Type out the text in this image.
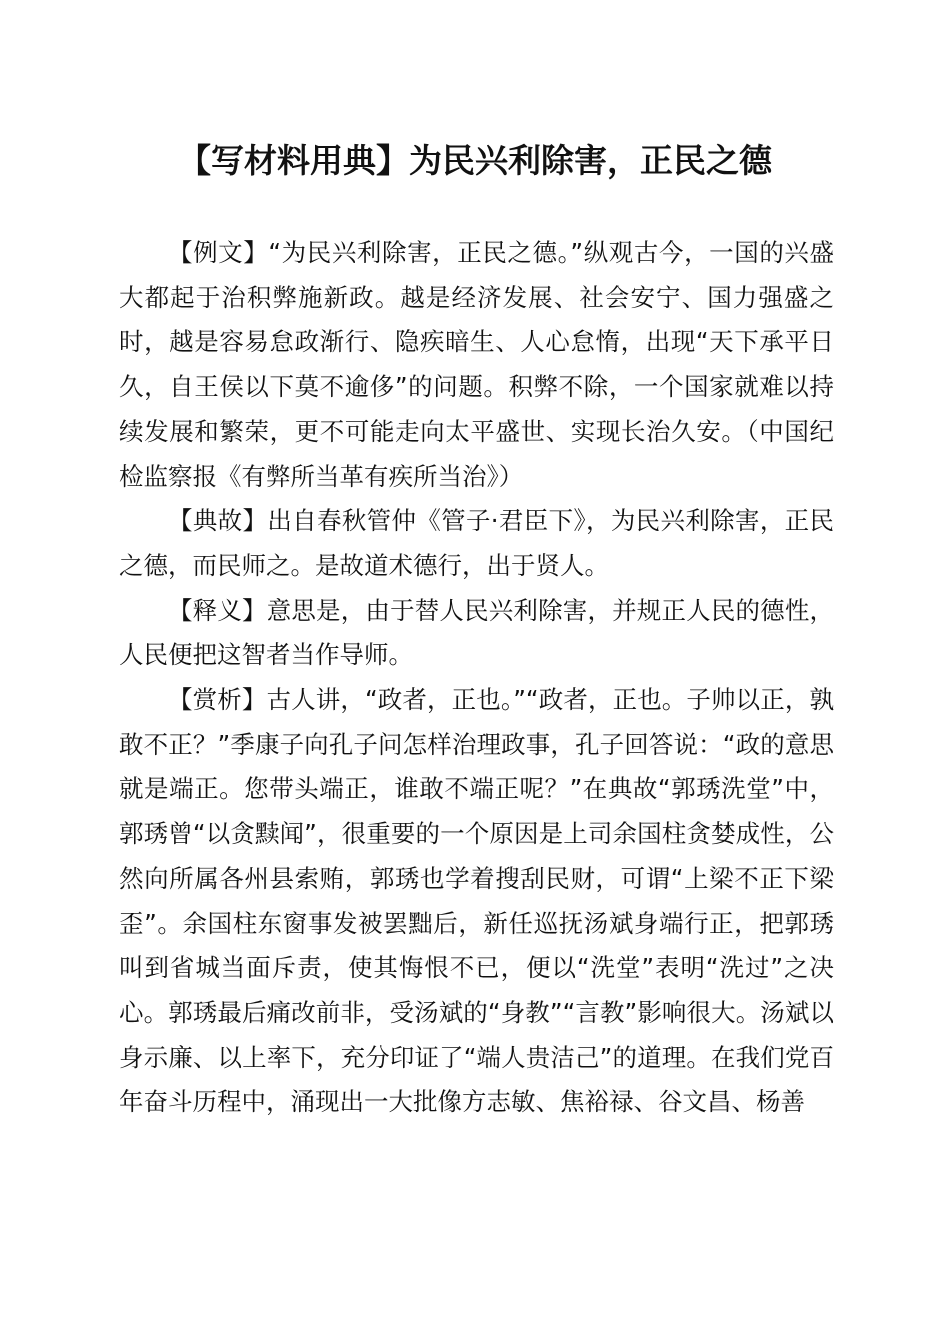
【写材料用典】为民兴利除害，正民之德

【例文】“为民兴利除害，正民之德。”纵观古今，一国的兴盛大都起于治积弊施新政。越是经济发展、社会安宁、国力强盛之时，越是容易怠政渐行、隐疾暗生、人心怠惰，出现“天下承平日久，自王侯以下莫不逾侈”的问题。积弊不除，一个国家就难以持续发展和繁荣，更不可能走向太平盛世、实现长治久安。（中国纪检监察报《有弊所当革有疾所当治》）

【典故】出自春秋管仲《管子·君臣下》，为民兴利除害，正民之德，而民师之。是故道术德行，出于贤人。

【释义】意思是，由于替人民兴利除害，并规正人民的德性，人民便把这智者当作导师。

【赏析】古人讲，“政者，正也。”“政者，正也。子帅以正，孰敢不正？”季康子向孔子问怎样治理政事，孔子回答说：“政的意思就是端正。您带头端正，谁敢不端正呢？”在典故“郭琇洗堂”中，郭琇曾“以贪黩闻”，很重要的一个原因是上司余国柱贪婪成性，公然向所属各州县索贿，郭琇也学着搜刮民财，可谓“上梁不正下梁歪”。余国柱东窗事发被罢黜后，新任巡抚汤斌身端行正，把郭琇叫到省城当面斥责，使其悔恨不已，便以“洗堂”表明“洗过”之决心。郭琇最后痛改前非，受汤斌的“身教”“言教”影响很大。汤斌以身示廉、以上率下，充分印证了“端人贵洁己”的道理。在我们党百年奋斗历程中，涌现出一大批像方志敏、焦裕禄、谷文昌、杨善
